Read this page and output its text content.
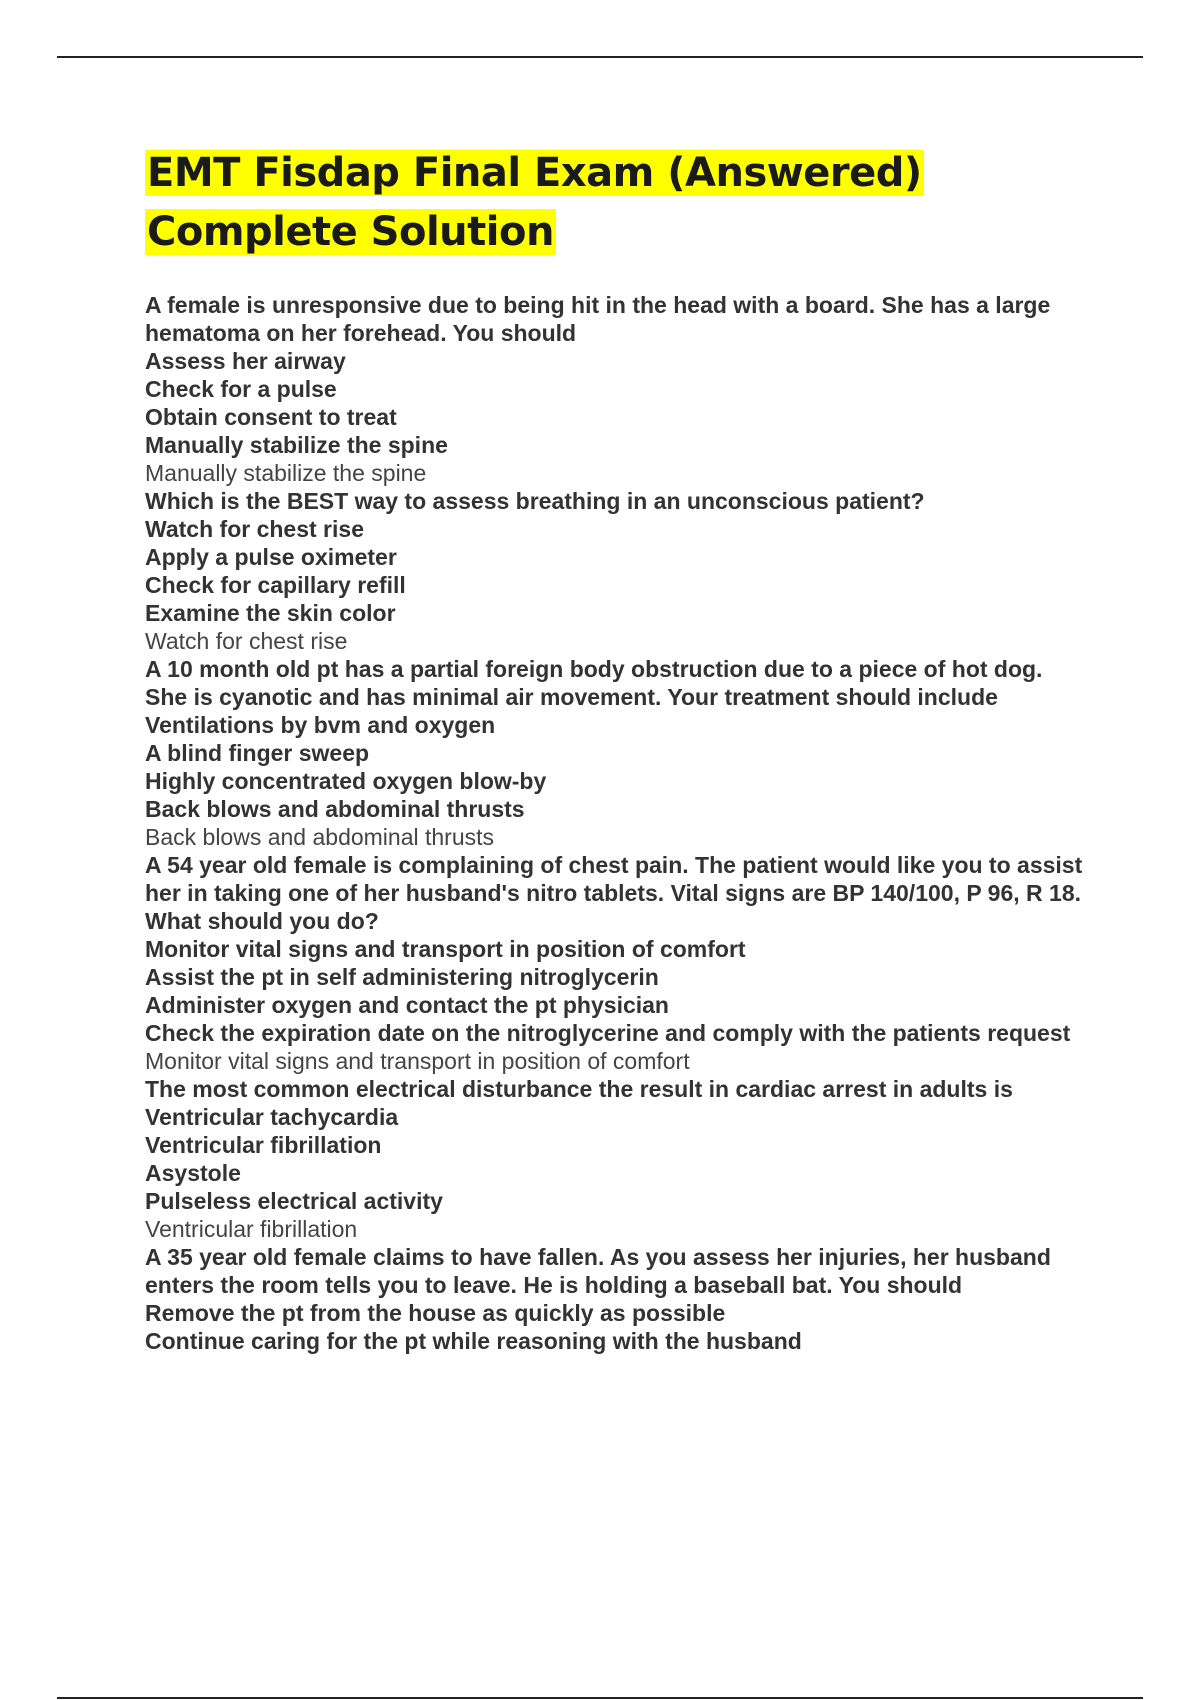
EMT Fisdap Final Exam (Answered) Complete Solution

A female is unresponsive due to being hit in the head with a board. She has a large hematoma on her forehead. You should

Assess her airway

Check for a pulse

Obtain consent to treat

Manually stabilize the spine

Manually stabilize the spine

Which is the BEST way to assess breathing in an unconscious patient?

Watch for chest rise

Apply a pulse oximeter

Check for capillary refill

Examine the skin color

Watch for chest rise

A 10 month old pt has a partial foreign body obstruction due to a piece of hot dog. She is cyanotic and has minimal air movement. Your treatment should include

Ventilations by bvm and oxygen

A blind finger sweep

Highly concentrated oxygen blow-by

Back blows and abdominal thrusts

Back blows and abdominal thrusts

A 54 year old female is complaining of chest pain. The patient would like you to assist her in taking one of her husband's nitro tablets. Vital signs are BP 140/100, P 96, R 18. What should you do?

Monitor vital signs and transport in position of comfort

Assist the pt in self administering nitroglycerin

Administer oxygen and contact the pt physician

Check the expiration date on the nitroglycerine and comply with the patients request

Monitor vital signs and transport in position of comfort

The most common electrical disturbance the result in cardiac arrest in adults is

Ventricular tachycardia

Ventricular fibrillation

Asystole

Pulseless electrical activity

Ventricular fibrillation

A 35 year old female claims to have fallen. As you assess her injuries, her husband enters the room tells you to leave. He is holding a baseball bat. You should

Remove the pt from the house as quickly as possible

Continue caring for the pt while reasoning with the husband
